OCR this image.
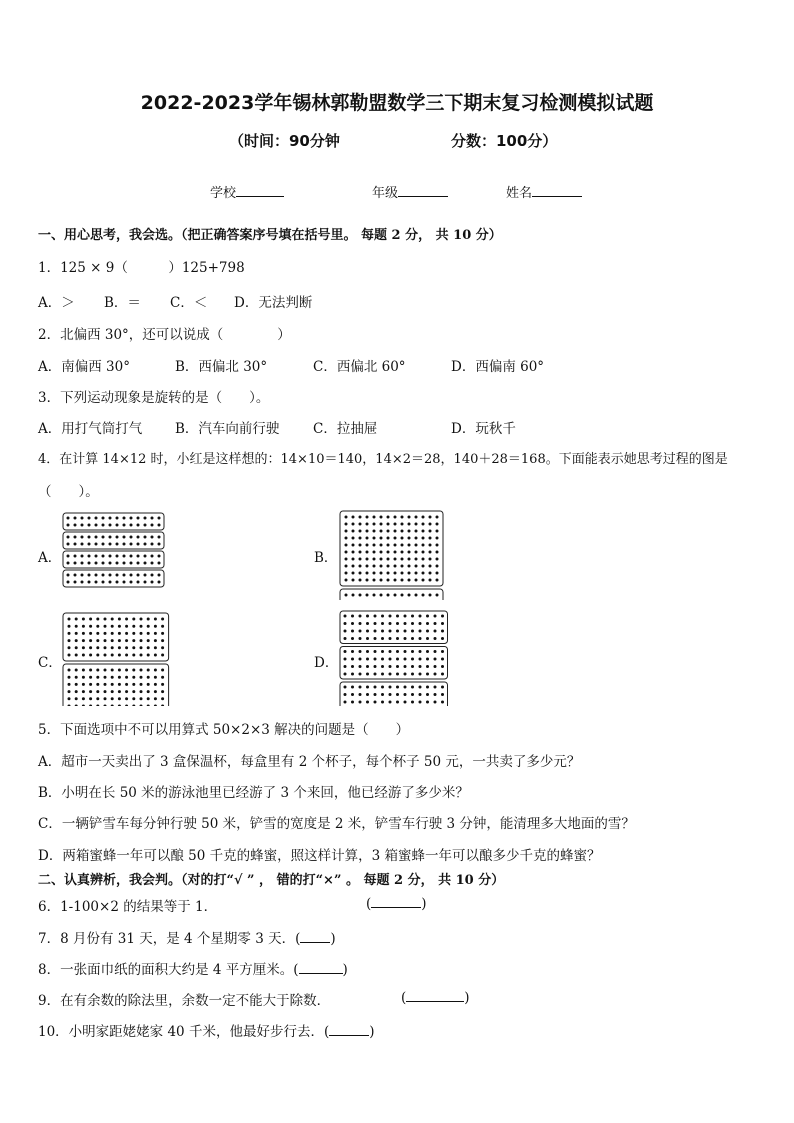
2022-2023学年锡林郭勒盟数学三下期末复习检测模拟试题
（时间：90分钟	分数：100分）
学校	年级	姓名
一、用心思考，我会选。（把正确答案序号填在括号里。 每题 2 分， 共 10 分）
1．125 × 9（　　　）125+798
A．＞ B．＝ C．＜ D．无法判断
2．北偏西 30°，还可以说成（　　　　）
A．南偏西 30°	B．西偏北 30°	C．西偏北 60°	D．西偏南 60°
3．下列运动现象是旋转的是（　　）。
A．用打气筒打气 B．汽车向前行驶 C．拉抽屉	D．玩秋千
4．在计算 14×12 时，小红是这样想的：14×10＝140，14×2＝28，140＋28＝168。下面能表示她思考过程的图是
（　　）。
A．	B．
C．	D．
5．下面选项中不可以用算式 50×2×3 解决的问题是（　　）
A．超市一天卖出了 3 盒保温杯，每盒里有 2 个杯子，每个杯子 50 元，一共卖了多少元？
B．小明在长 50 米的游泳池里已经游了 3 个来回，他已经游了多少米？
C．一辆铲雪车每分钟行驶 50 米，铲雪的宽度是 2 米，铲雪车行驶 3 分钟，能清理多大地面的雪？
D．两箱蜜蜂一年可以酿 50 千克的蜂蜜，照这样计算，3 箱蜜蜂一年可以酿多少千克的蜂蜜？
二、认真辨析，我会判。（对的打“√ ” ， 错的打“×” 。 每题 2 分， 共 10 分）
6．1-100×2 的结果等于 1．	(	)
7．8 月份有 31 天，是 4 个星期零 3 天．( )
8．一张面巾纸的面积大约是 4 平方厘米。(	)
9．在有余数的除法里，余数一定不能大于除数．	(	)
10．小明家距姥姥家 40 千米，他最好步行去．(	)
